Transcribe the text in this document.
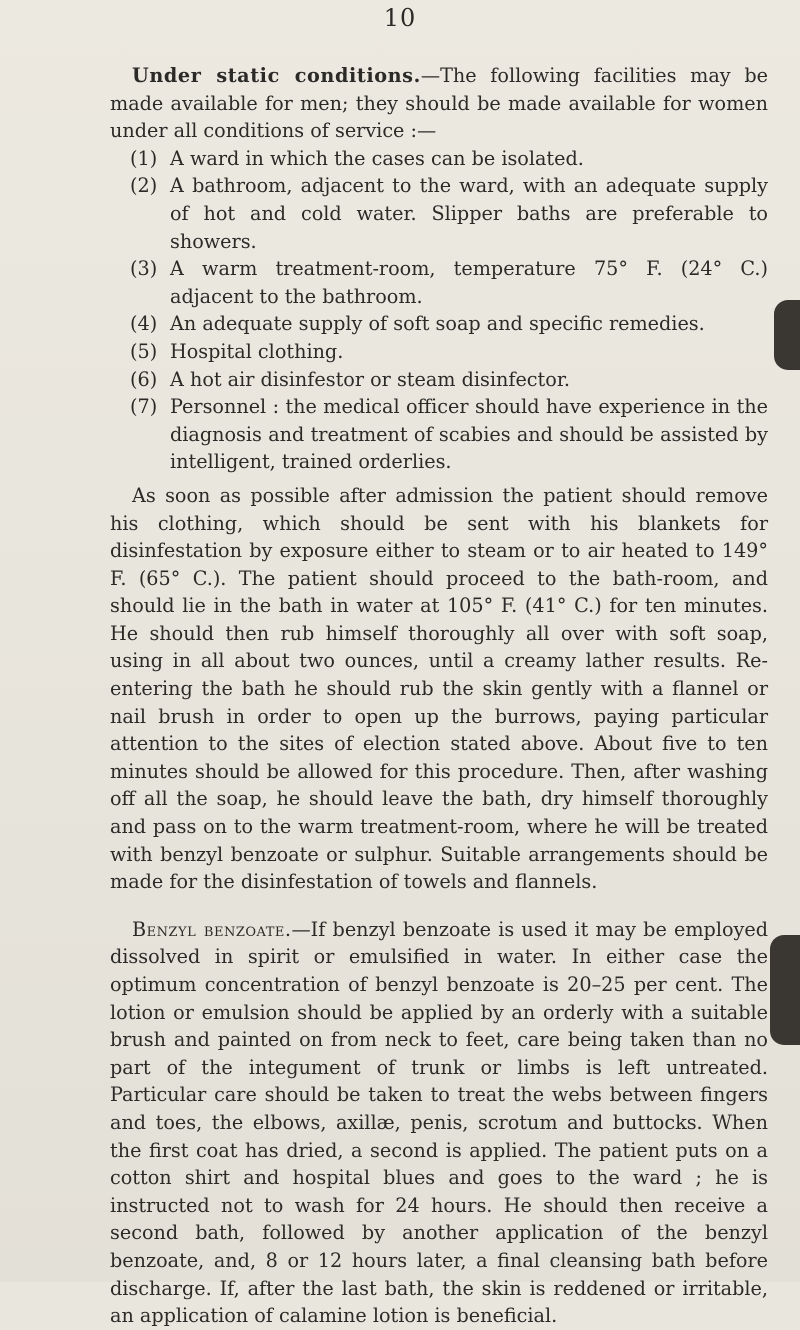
10

Under static conditions.—The following facilities may be made available for men; they should be made available for women under all conditions of service :—

(1) A ward in which the cases can be isolated.
(2) A bathroom, adjacent to the ward, with an adequate supply of hot and cold water. Slipper baths are preferable to showers.
(3) A warm treatment-room, temperature 75° F. (24° C.) adjacent to the bathroom.
(4) An adequate supply of soft soap and specific remedies.
(5) Hospital clothing.
(6) A hot air disinfestor or steam disinfector.
(7) Personnel : the medical officer should have experience in the diagnosis and treatment of scabies and should be assisted by intelligent, trained orderlies.

As soon as possible after admission the patient should remove his clothing, which should be sent with his blankets for disinfestation by exposure either to steam or to air heated to 149° F. (65° C.). The patient should proceed to the bath-room, and should lie in the bath in water at 105° F. (41° C.) for ten minutes. He should then rub himself thoroughly all over with soft soap, using in all about two ounces, until a creamy lather results. Re-entering the bath he should rub the skin gently with a flannel or nail brush in order to open up the burrows, paying particular attention to the sites of election stated above. About five to ten minutes should be allowed for this procedure. Then, after washing off all the soap, he should leave the bath, dry himself thoroughly and pass on to the warm treatment-room, where he will be treated with benzyl benzoate or sulphur. Suitable arrangements should be made for the disinfestation of towels and flannels.

Benzyl benzoate.—If benzyl benzoate is used it may be employed dissolved in spirit or emulsified in water. In either case the optimum concentration of benzyl benzoate is 20–25 per cent. The lotion or emulsion should be applied by an orderly with a suitable brush and painted on from neck to feet, care being taken than no part of the integument of trunk or limbs is left untreated. Particular care should be taken to treat the webs between fingers and toes, the elbows, axillæ, penis, scrotum and buttocks. When the first coat has dried, a second is applied. The patient puts on a cotton shirt and hospital blues and goes to the ward ; he is instructed not to wash for 24 hours. He should then receive a second bath, followed by another application of the benzyl benzoate, and, 8 or 12 hours later, a final cleansing bath before discharge. If, after the last bath, the skin is reddened or irritable, an application of calamine lotion is beneficial.
